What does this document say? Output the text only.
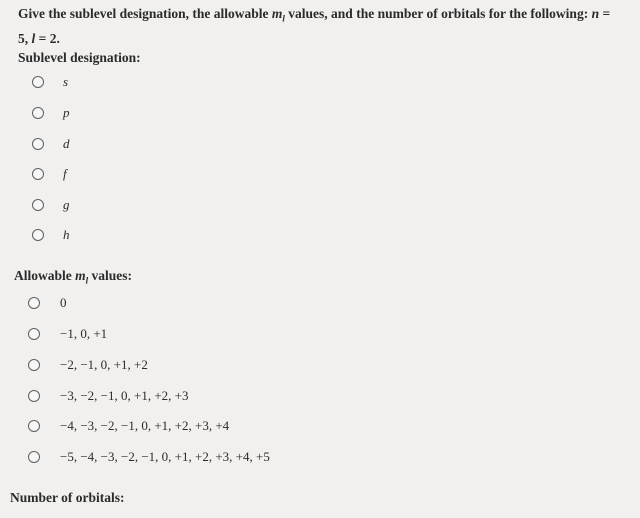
Give the sublevel designation, the allowable $m_l$ values, and the number of orbitals for the following: n =
5, l = 2.
Sublevel designation:
s
p
d
f
g
h
Allowable $m_l$ values:
0
−1, 0, +1
−2, −1, 0, +1, +2
−3, −2, −1, 0, +1, +2, +3
−4, −3, −2, −1, 0, +1, +2, +3, +4
−5, −4, −3, −2, −1, 0, +1, +2, +3, +4, +5
Number of orbitals:
